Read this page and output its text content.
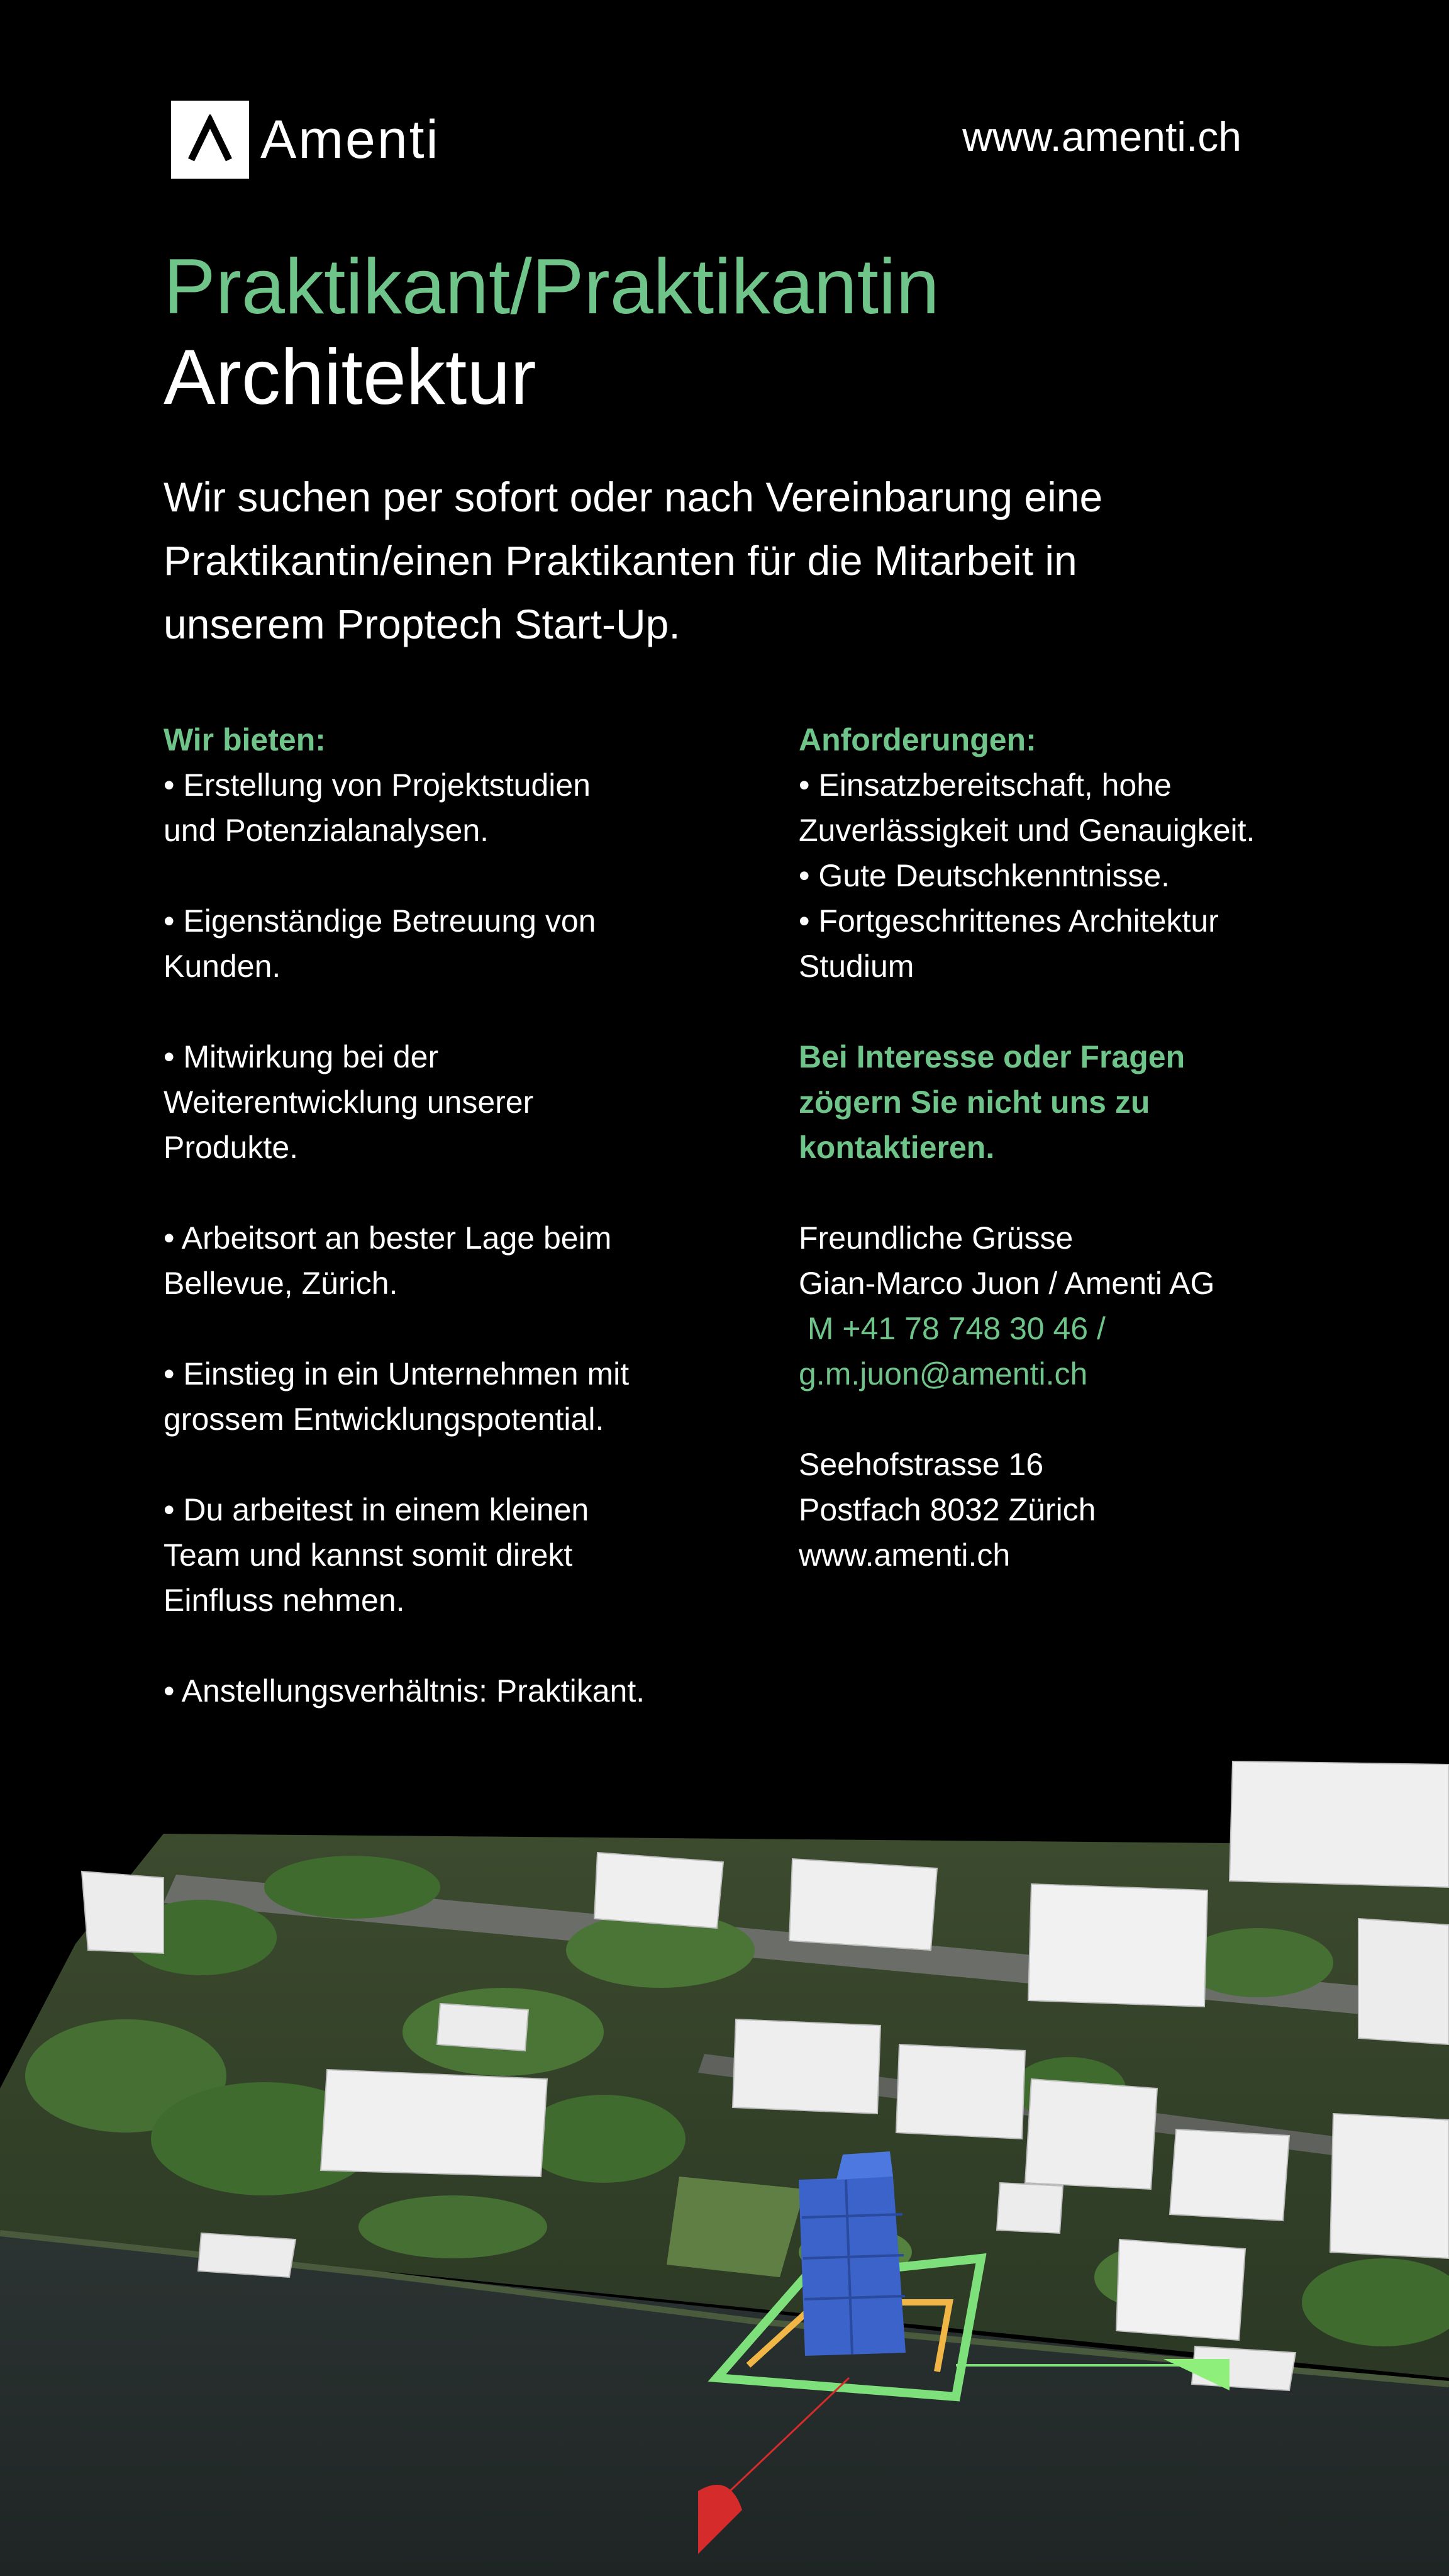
Amenti	www.amenti.ch
Praktikant/Praktikantin
Architektur

Wir suchen per sofort oder nach Vereinbarung eine
Praktikantin/einen Praktikanten für die Mitarbeit in
unserem Proptech Start-Up.

Wir bieten:
• Erstellung von Projektstudien
und Potenzialanalysen.
• Eigenständige Betreuung von
Kunden.
• Mitwirkung bei der
Weiterentwicklung unserer
Produkte.
• Arbeitsort an bester Lage beim
Bellevue, Zürich.
• Einstieg in ein Unternehmen mit
grossem Entwicklungspotential.
• Du arbeitest in einem kleinen
Team und kannst somit direkt
Einfluss nehmen.
• Anstellungsverhältnis: Praktikant.
Anforderungen:
• Einsatzbereitschaft, hohe
Zuverlässigkeit und Genauigkeit.
• Gute Deutschkenntnisse.
• Fortgeschrittenes Architektur
Studium
Bei Interesse oder Fragen
zögern Sie nicht uns zu
kontaktieren.
Freundliche Grüsse
Gian-Marco Juon / Amenti AG
M +41 78 748 30 46 /
g.m.juon@amenti.ch
Seehofstrasse 16
Postfach 8032 Zürich
www.amenti.ch
